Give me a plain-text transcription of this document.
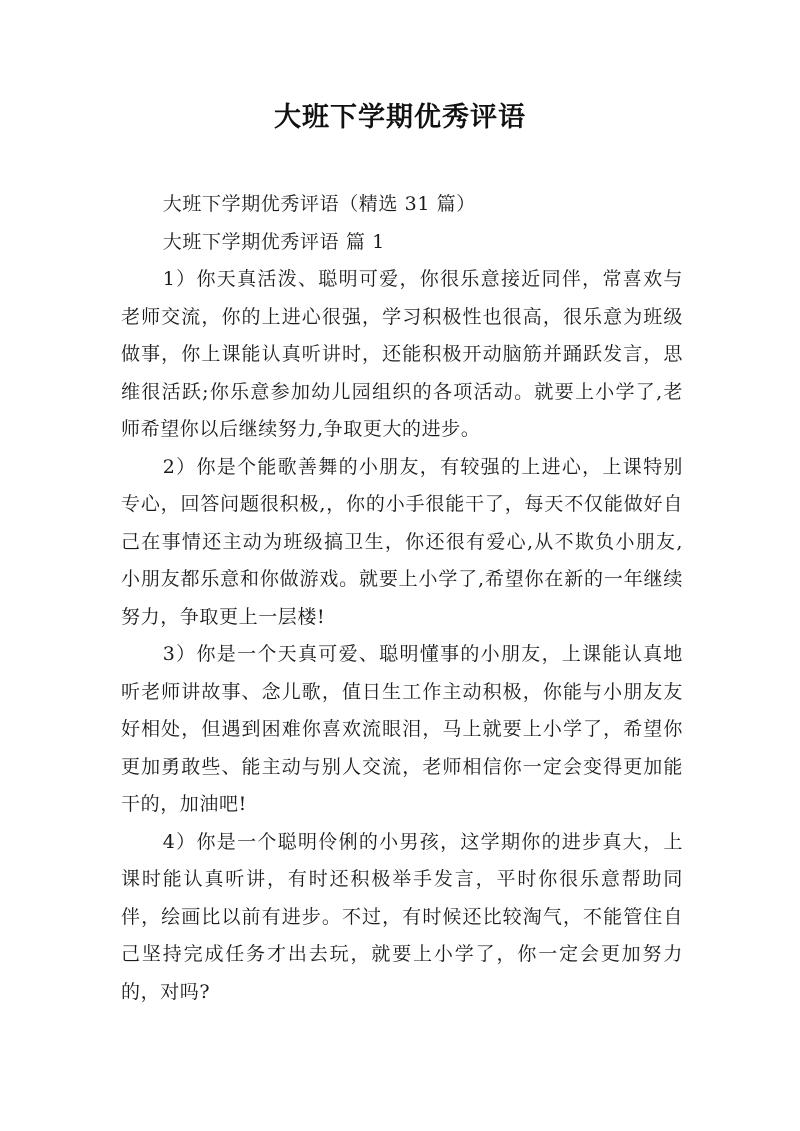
大班下学期优秀评语

大班下学期优秀评语（精选 31 篇）

大班下学期优秀评语 篇 1

1）你天真活泼、聪明可爱，你很乐意接近同伴，常喜欢与老师交流，你的上进心很强，学习积极性也很高，很乐意为班级做事，你上课能认真听讲时，还能积极开动脑筋并踊跃发言，思维很活跃;你乐意参加幼儿园组织的各项活动。就要上小学了,老师希望你以后继续努力,争取更大的进步。

2）你是个能歌善舞的小朋友，有较强的上进心，上课特别专心，回答问题很积极,，你的小手很能干了，每天不仅能做好自己在事情还主动为班级搞卫生，你还很有爱心,从不欺负小朋友,小朋友都乐意和你做游戏。就要上小学了,希望你在新的一年继续努力，争取更上一层楼!

3）你是一个天真可爱、聪明懂事的小朋友，上课能认真地听老师讲故事、念儿歌，值日生工作主动积极，你能与小朋友友好相处，但遇到困难你喜欢流眼泪，马上就要上小学了，希望你更加勇敢些、能主动与别人交流，老师相信你一定会变得更加能干的，加油吧!

4）你是一个聪明伶俐的小男孩，这学期你的进步真大，上课时能认真听讲，有时还积极举手发言，平时你很乐意帮助同伴，绘画比以前有进步。不过，有时候还比较淘气，不能管住自己坚持完成任务才出去玩，就要上小学了，你一定会更加努力的，对吗?
